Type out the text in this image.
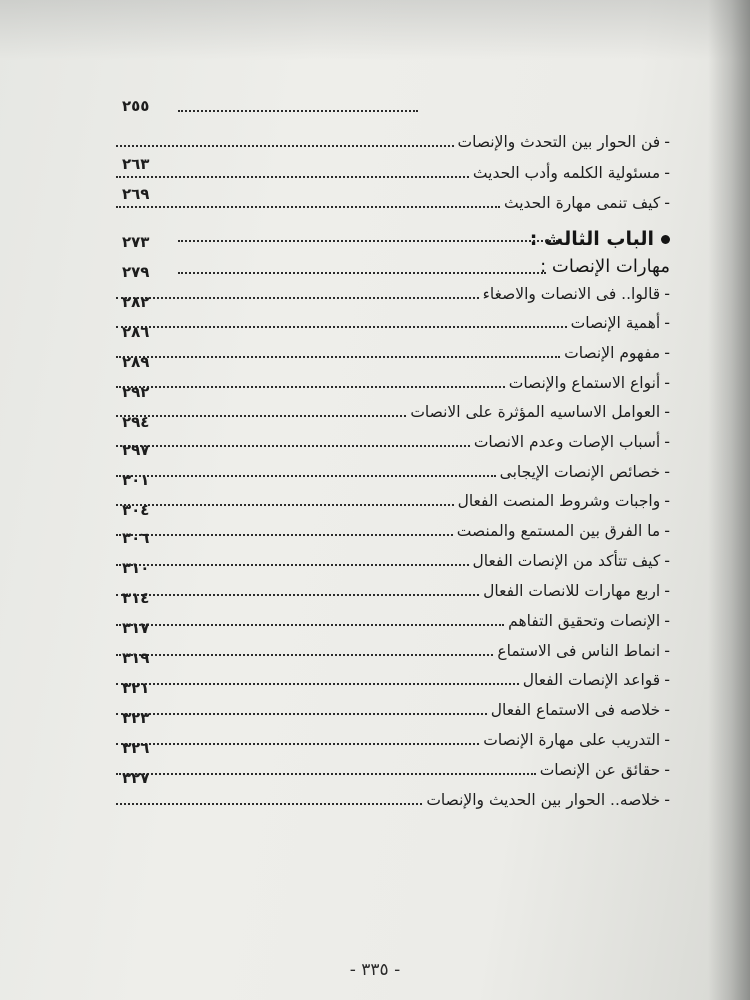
الباب الثالث :
مهارات الإنصات :
-
فن الحوار بين التحدث والإنصات
-
مسئولية الكلمه وأدب الحديث
-
كيف تنمى مهارة الحديث
-
قالوا.. فى الانصات والاصغاء
-
أهمية الإنصات
-
مفهوم الإنصات
-
أنواع الاستماع والإنصات
-
العوامل الاساسيه المؤثرة على الانصات
-
أسباب الإصات وعدم الانصات
-
خصائص الإنصات الإيجابى
-
واجبات وشروط المنصت الفعال
-
ما الفرق بين المستمع والمنصت
-
كيف تتأكد من الإنصات الفعال
-
اربع مهارات للانصات الفعال
-
الإنصات وتحقيق التفاهم
-
انماط الناس فى الاستماع
-
قواعد الإنصات الفعال
-
خلاصه فى الاستماع الفعال
-
التدريب على مهارة الإنصات
-
حقائق عن الإنصات
-
خلاصه.. الحوار بين الحديث والإنصات
٢٥٥
٢٦٣
٢٦٩
٢٧٣
٢٧٩
٢٨٢
٢٨٦
٢٨٩
٢٩٢
٢٩٤
٢٩٧
٣٠١
٣٠٤
٣٠٦
٣١٠
٣١٤
٣١٧
٣١٩
٣٢١
٣٢٣
٣٢٦
٣٢٧
- ٣٣٥ -
